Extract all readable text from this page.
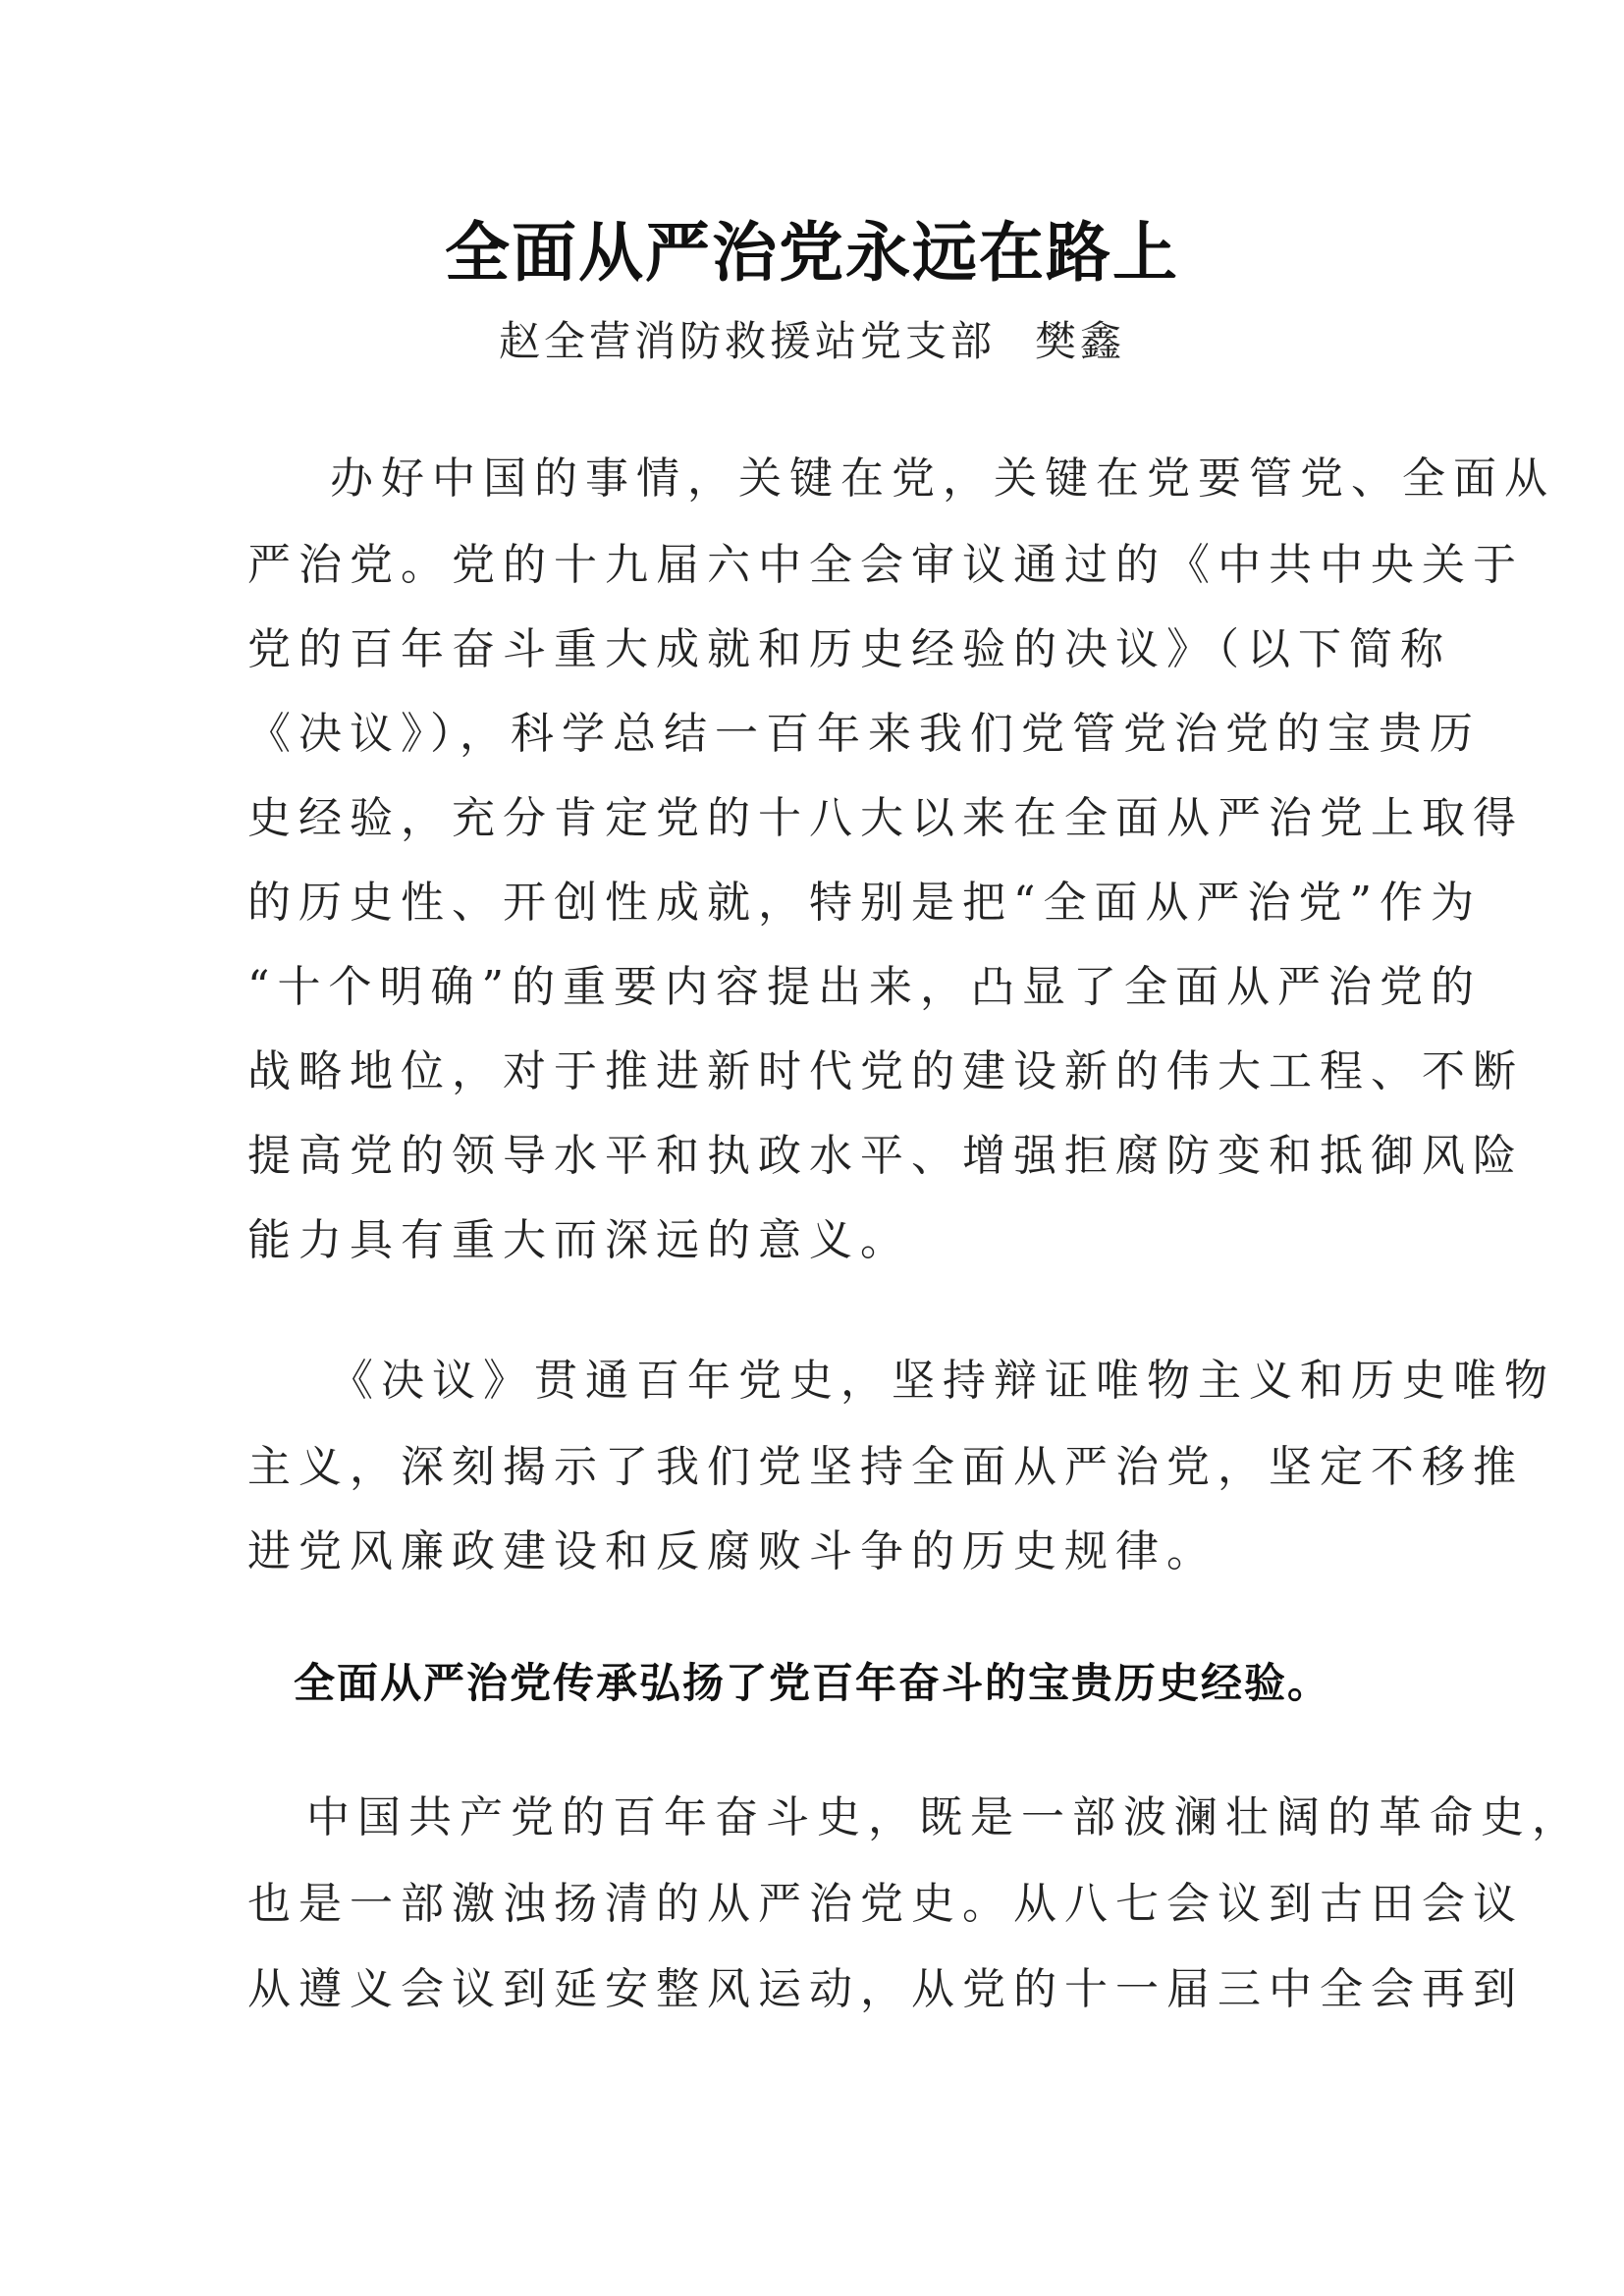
全面从严治党永远在路上
赵全营消防救援站党支部 樊鑫
办好中国的事情，关键在党，关键在党要管党、全面从
严治党。党的十九届六中全会审议通过的《中共中央关于
党的百年奋斗重大成就和历史经验的决议》（以下简称
《决议》），科学总结一百年来我们党管党治党的宝贵历
史经验，充分肯定党的十八大以来在全面从严治党上取得
的历史性、开创性成就，特别是把“全面从严治党”作为
“十个明确”的重要内容提出来，凸显了全面从严治党的
战略地位，对于推进新时代党的建设新的伟大工程、不断
提高党的领导水平和执政水平、增强拒腐防变和抵御风险
能力具有重大而深远的意义。
《决议》贯通百年党史，坚持辩证唯物主义和历史唯物
主义，深刻揭示了我们党坚持全面从严治党，坚定不移推
进党风廉政建设和反腐败斗争的历史规律。
全面从严治党传承弘扬了党百年奋斗的宝贵历史经验。
中国共产党的百年奋斗史，既是一部波澜壮阔的革命史，
也是一部激浊扬清的从严治党史。从八七会议到古田会议
从遵义会议到延安整风运动，从党的十一届三中全会再到
